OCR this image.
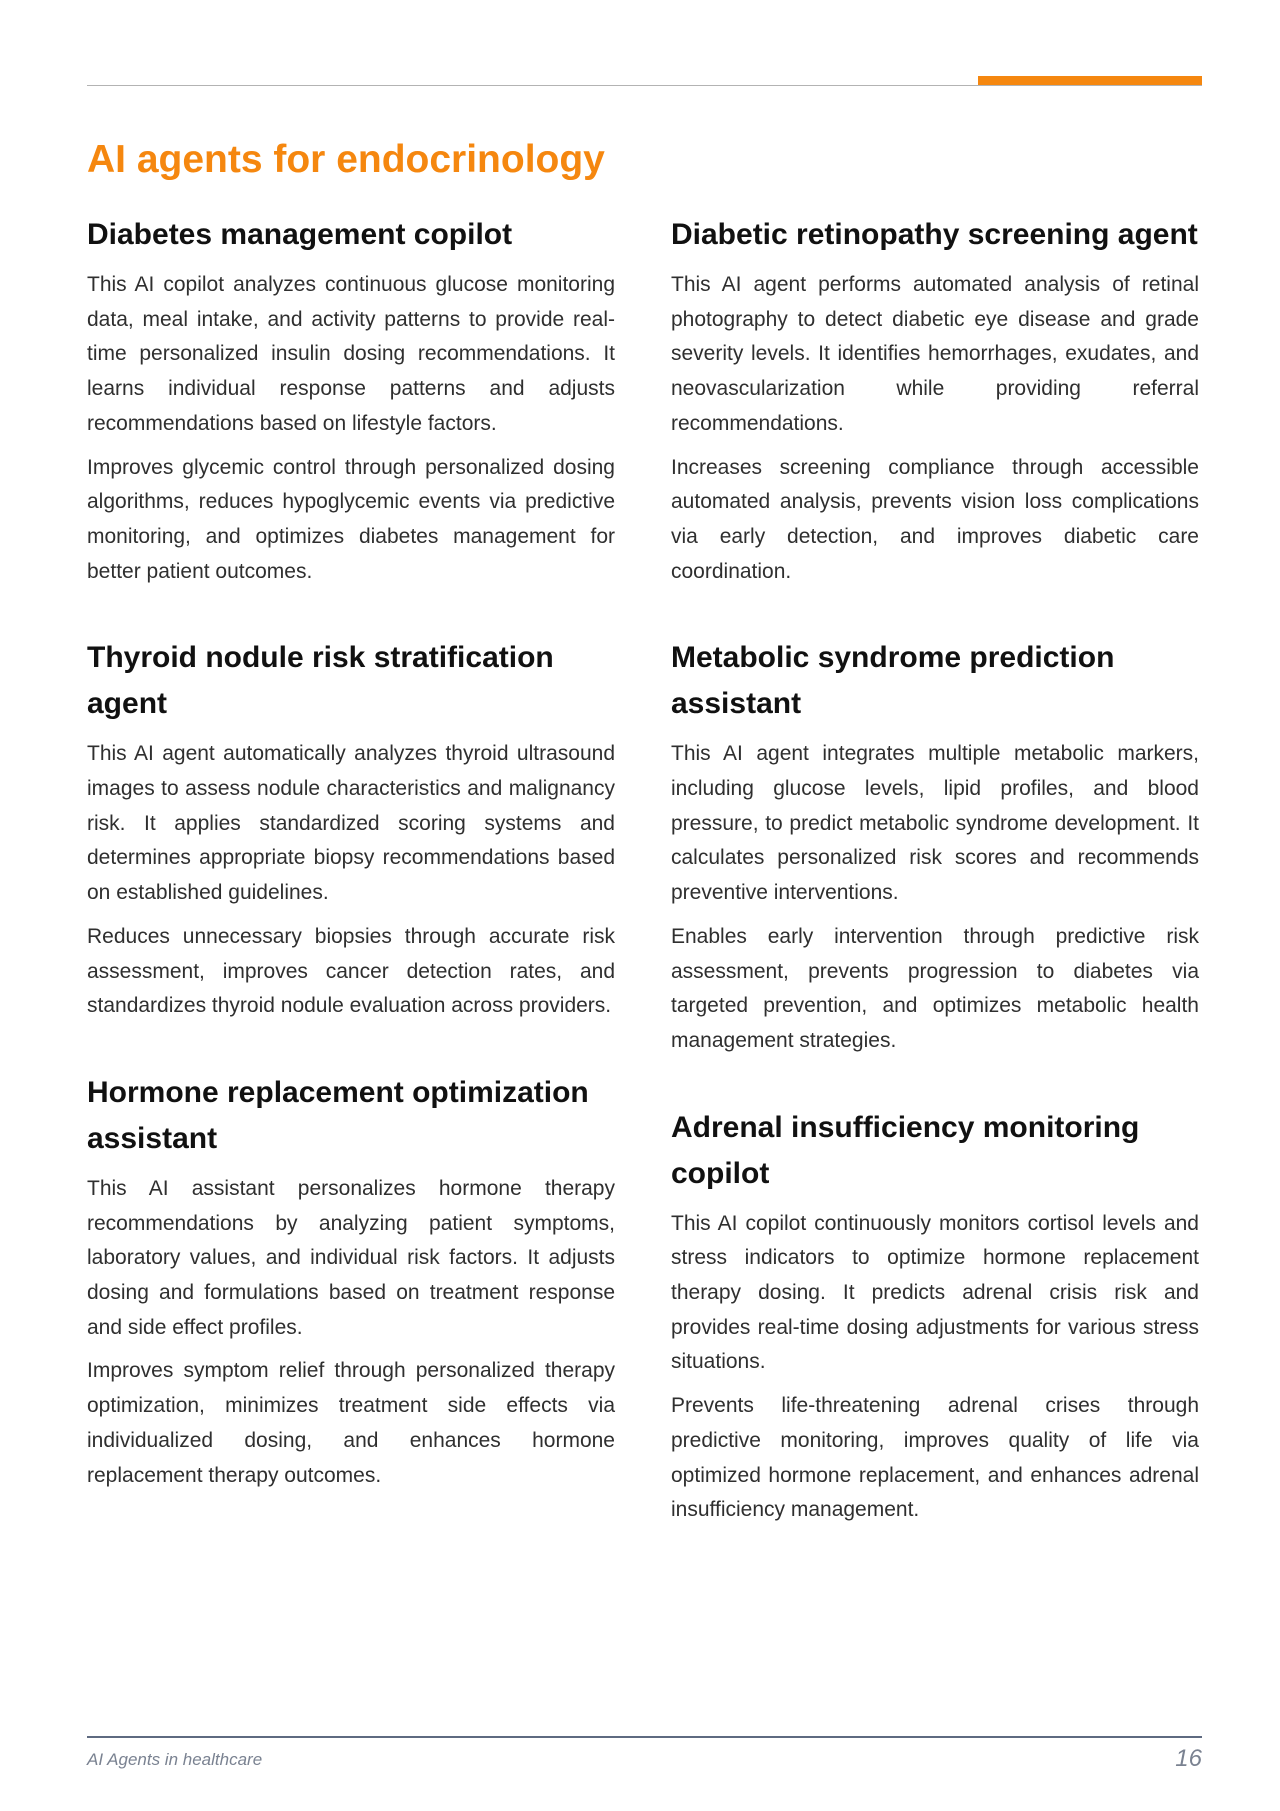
AI agents for endocrinology
Diabetes management copilot

This AI copilot analyzes continuous glucose monitoring data, meal intake, and activity patterns to provide real-time personalized insulin dosing recommendations. It learns individual response patterns and adjusts recommendations based on lifestyle factors.

Improves glycemic control through personalized dosing algorithms, reduces hypoglycemic events via predictive monitoring, and optimizes diabetes management for better patient outcomes.

Thyroid nodule risk stratification agent

This AI agent automatically analyzes thyroid ultrasound images to assess nodule characteristics and malignancy risk. It applies standardized scoring systems and determines appropriate biopsy recommendations based on established guidelines.

Reduces unnecessary biopsies through accurate risk assessment, improves cancer detection rates, and standardizes thyroid nodule evaluation across providers.

Hormone replacement optimization assistant

This AI assistant personalizes hormone therapy recommendations by analyzing patient symptoms, laboratory values, and individual risk factors. It adjusts dosing and formulations based on treatment response and side effect profiles.

Improves symptom relief through personalized therapy optimization, minimizes treatment side effects via individualized dosing, and enhances hormone replacement therapy outcomes.

Diabetic retinopathy screening agent

This AI agent performs automated analysis of retinal photography to detect diabetic eye disease and grade severity levels. It identifies hemorrhages, exudates, and neovascularization while providing referral recommendations.

Increases screening compliance through accessible automated analysis, prevents vision loss complications via early detection, and improves diabetic care coordination.

Metabolic syndrome prediction assistant

This AI agent integrates multiple metabolic markers, including glucose levels, lipid profiles, and blood pressure, to predict metabolic syndrome development. It calculates personalized risk scores and recommends preventive interventions.

Enables early intervention through predictive risk assessment, prevents progression to diabetes via targeted prevention, and optimizes metabolic health management strategies.

Adrenal insufficiency monitoring copilot

This AI copilot continuously monitors cortisol levels and stress indicators to optimize hormone replacement therapy dosing. It predicts adrenal crisis risk and provides real-time dosing adjustments for various stress situations.

Prevents life-threatening adrenal crises through predictive monitoring, improves quality of life via optimized hormone replacement, and enhances adrenal insufficiency management.

AI Agents in healthcare	16
